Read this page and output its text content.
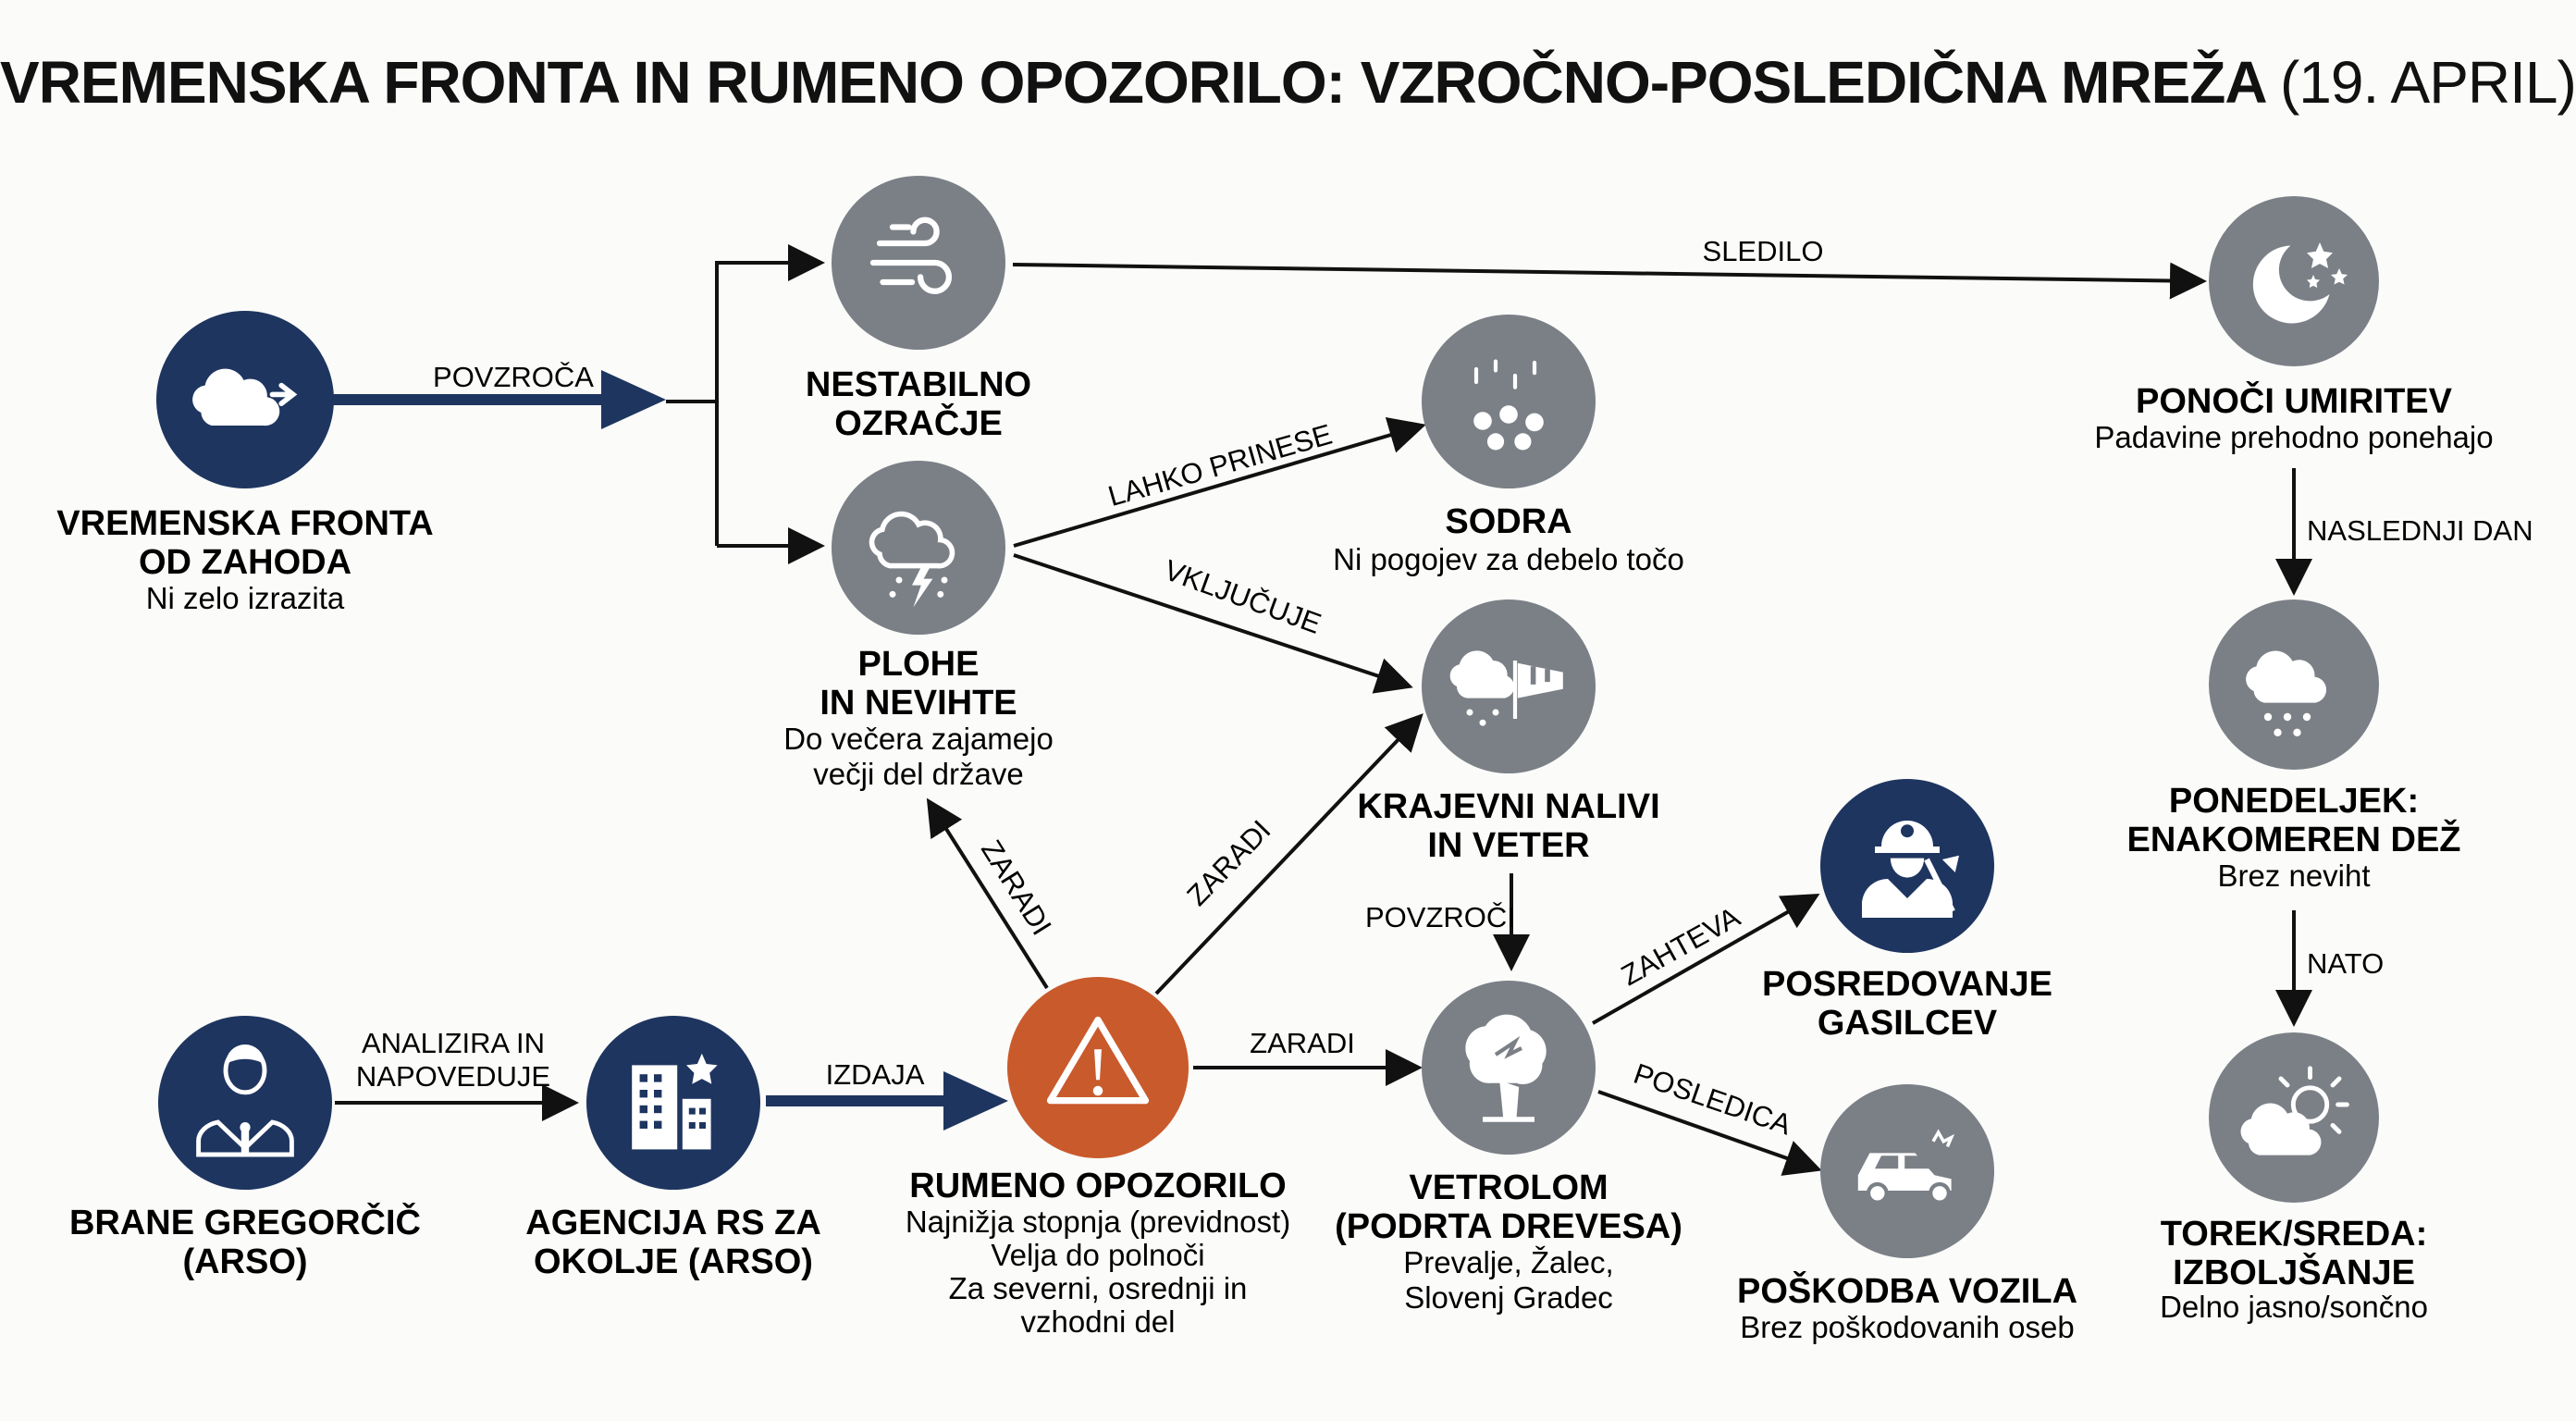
VREMENSKA FRONTA IN RUMENO OPOZORILO: VZROČNO-POSLEDIČNA MREŽA (19. APRIL)
POVZROČA
SLEDILO
LAHKO PRINESE
VKLJUČUJE
NASLEDNJI DAN
NATO
ANALIZIRA IN
NAPOVEDUJE	IZDAJA
ZARADI	ZARADI
ZARADI
POVZROČI	ZAHTEVA
POSLEDICA
VREMENSKA FRONTA
OD ZAHODA
Ni zelo izrazita
NESTABILNO
OZRAČJE
PLOHE
IN NEVIHTE
Do večera zajamejo
večji del države
SODRA
Ni pogojev za debelo točo
KRAJEVNI NALIVI
IN VETER
PONOČI UMIRITEV
Padavine prehodno ponehajo
PONEDELJEK:
ENAKOMEREN DEŽ
Brez neviht
TOREK/SREDA:
IZBOLJŠANJE
Delno jasno/sončno
BRANE GREGORČIČ
(ARSO)
AGENCIJA RS ZA
OKOLJE (ARSO)
RUMENO OPOZORILO
Najnižja stopnja (previdnost)
Velja do polnoči
Za severni, osrednji in
vzhodni del
VETROLOM
(PODRTA DREVESA)
Prevalje, Žalec,
Slovenj Gradec
POSREDOVANJE
GASILCEV
POŠKODBA VOZILA
Brez poškodovanih oseb
